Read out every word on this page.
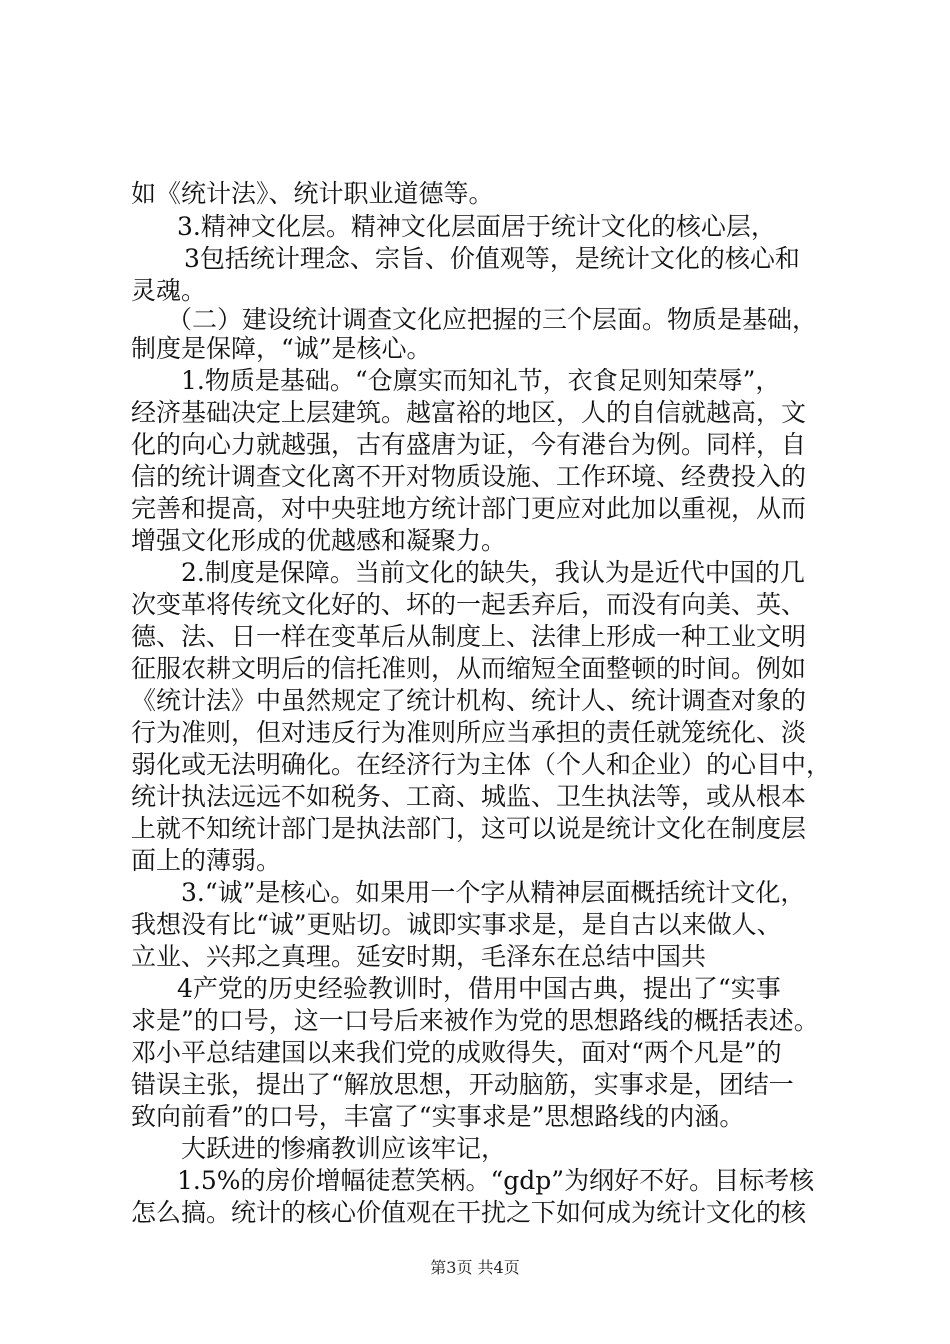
如《统计法》、统计职业道德等。
3.精神文化层。精神文化层面居于统计文化的核心层，
3包括统计理念、宗旨、价值观等，是统计文化的核心和
灵魂。
（二）建设统计调查文化应把握的三个层面。物质是基础，
制度是保障，“诚”是核心。
1.物质是基础。“仓廪实而知礼节，衣食足则知荣辱”，
经济基础决定上层建筑。越富裕的地区，人的自信就越高，文
化的向心力就越强，古有盛唐为证，今有港台为例。同样，自
信的统计调查文化离不开对物质设施、工作环境、经费投入的
完善和提高，对中央驻地方统计部门更应对此加以重视，从而
增强文化形成的优越感和凝聚力。
2.制度是保障。当前文化的缺失，我认为是近代中国的几
次变革将传统文化好的、坏的一起丢弃后，而没有向美、英、
德、法、日一样在变革后从制度上、法律上形成一种工业文明
征服农耕文明后的信托准则，从而缩短全面整顿的时间。例如
《统计法》中虽然规定了统计机构、统计人、统计调查对象的
行为准则，但对违反行为准则所应当承担的责任就笼统化、淡
弱化或无法明确化。在经济行为主体（个人和企业）的心目中，
统计执法远远不如税务、工商、城监、卫生执法等，或从根本
上就不知统计部门是执法部门，这可以说是统计文化在制度层
面上的薄弱。
3.“诚”是核心。如果用一个字从精神层面概括统计文化，
我想没有比“诚”更贴切。诚即实事求是，是自古以来做人、
立业、兴邦之真理。延安时期，毛泽东在总结中国共
4产党的历史经验教训时，借用中国古典，提出了“实事
求是”的口号，这一口号后来被作为党的思想路线的概括表述。
邓小平总结建国以来我们党的成败得失，面对“两个凡是”的
错误主张，提出了“解放思想，开动脑筋，实事求是，团结一
致向前看”的口号，丰富了“实事求是”思想路线的内涵。
大跃进的惨痛教训应该牢记，
1.5%的房价增幅徒惹笑柄。“gdp”为纲好不好。目标考核
怎么搞。统计的核心价值观在干扰之下如何成为统计文化的核
第3页 共4页
